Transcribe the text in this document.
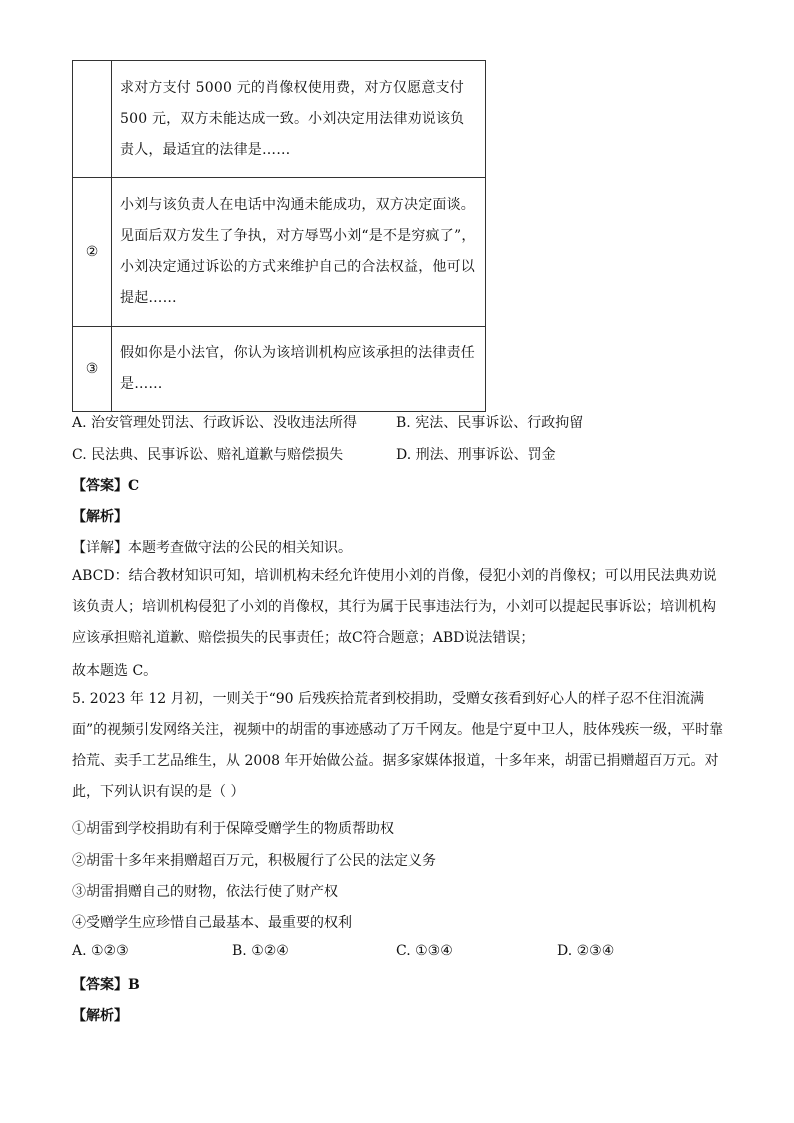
	求对方支付 5000 元的肖像权使用费，对方仅愿意支付 500 元，双方未能达成一致。小刘决定用法律劝说该负责人，最适宜的法律是……
②	小刘与该负责人在电话中沟通未能成功，双方决定面谈。见面后双方发生了争执，对方辱骂小刘“是不是穷疯了”，小刘决定通过诉讼的方式来维护自己的合法权益，他可以提起……
③	假如你是小法官，你认为该培训机构应该承担的法律责任是……
A. 治安管理处罚法、行政诉讼、没收违法所得	B. 宪法、民事诉讼、行政拘留
C. 民法典、民事诉讼、赔礼道歉与赔偿损失	D. 刑法、刑事诉讼、罚金
【答案】C
【解析】
【详解】本题考查做守法的公民的相关知识。
ABCD：结合教材知识可知，培训机构未经允许使用小刘的肖像，侵犯小刘的肖像权；可以用民法典劝说该负责人；培训机构侵犯了小刘的肖像权，其行为属于民事违法行为，小刘可以提起民事诉讼；培训机构应该承担赔礼道歉、赔偿损失的民事责任；故C符合题意；ABD说法错误；
故本题选 C。
5. 2023 年 12 月初，一则关于“90 后残疾拾荒者到校捐助，受赠女孩看到好心人的样子忍不住泪流满面”的视频引发网络关注，视频中的胡雷的事迹感动了万千网友。他是宁夏中卫人，肢体残疾一级，平时靠拾荒、卖手工艺品维生，从 2008 年开始做公益。据多家媒体报道，十多年来，胡雷已捐赠超百万元。对此，下列认识有误的是（ ）
①胡雷到学校捐助有利于保障受赠学生的物质帮助权
②胡雷十多年来捐赠超百万元，积极履行了公民的法定义务
③胡雷捐赠自己的财物，依法行使了财产权
④受赠学生应珍惜自己最基本、最重要的权利
A. ①②③	B. ①②④	C. ①③④	D. ②③④
【答案】B
【解析】
